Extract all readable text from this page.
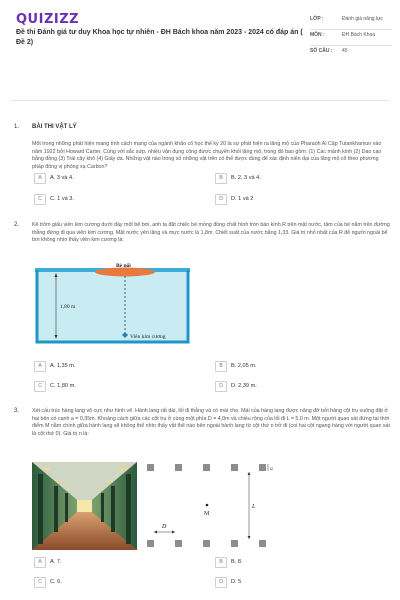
QUIZIZZ
Đề thi Đánh giá tư duy Khoa học tự nhiên - ĐH Bách khoa năm 2023 - 2024 có đáp án ( Đề 2)
LỚP :	Đánh giá năng lực
MÔN :	ĐH Bách Khoa
SỐ CÂU :	45
1. BÀI THI VẬT LÝ
Một trong những phát hiện mang tính cách mạng của ngành khảo cổ học thế kỷ 20 là sự phát hiện ra lăng mộ của Pharaoh Ai Cập Tutankhamun vào năm 1922 bởi Howard Carter. Cùng với sắc sứp, nhiều vận dụng công được chuyển khỏi lăng mộ, trong đó bao gồm: (1) Các mảnh kính (2) Dao cạo bằng đồng (3) Trái cây khô (4) Giấy da. Những vật nào trong số những vật trên có thể được dùng để xác định niên đại của lăng mộ cổ theo phương pháp đồng vị phóng xạ Carbon?
A	A. 3 và 4.	B	B. 2, 3 và 4.
C	C. 1 và 3.	D	D. 1 và 2
2. Kê trôm giấu viên kim cương dưới đáy một bể bơi, anh ta đặt chiếc bè mỏng đồng chất hình tròn bán kính R trên mặt nước, tâm của bè nằm trên đường thẳng đứng đi qua viên kim cương. Mặt nước yên lặng và mực nước là 1,8m. Chiết suất của nước bằng 1,33. Giá trị nhỏ nhất của R để người ngoài bể bơi không nhìn thấy viên kim cương là:
Bè nổi
1,80 m
Viên kim cương
A	A. 1,35 m.	B	B. 2,05 m.
C	C. 1,80 m.	D	D. 2,39 m.
3. Xét cấu trúc hàng lang vô cực như hình vẽ. Hành lang rất dài, lối đi thẳng và có mái che. Mái của hàng lang được nâng đỡ bởi hàng cột trụ vuông đặt ở hai bên có cạnh a = 0,35m. Khoảng cách giữa các cột trụ ở cùng một phía D = 4,0m và chiều rộng của lối đi L = 5,0 m. Một người quan sát đứng tại thời điểm M nằm chính giữa hành lang sẽ không thể nhìn thấy vật thể nào bên ngoài hành lang từ cột thứ n trở đi (coi hai cột ngang hàng với người quan sát là cột thứ 0). Giá trị n là:
a
M
D
L
A	A. 7.	B	B. 8.
C	C. 6.	D	D. 5
